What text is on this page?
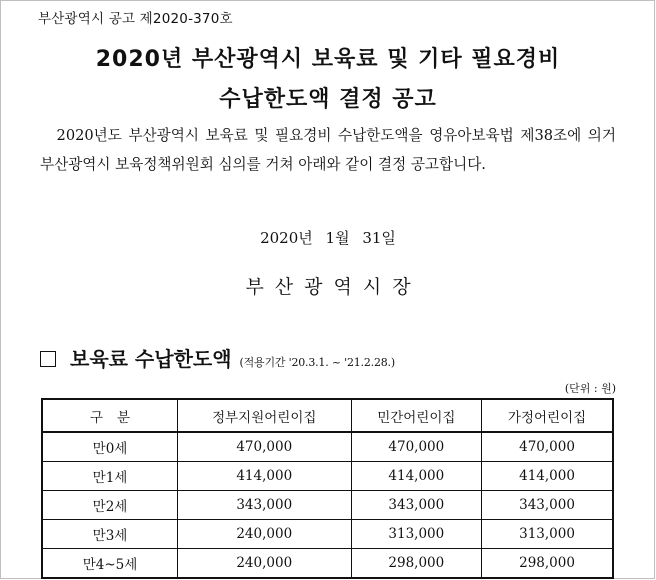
부산광역시 공고 제2020-370호
2020년 부산광역시 보육료 및 기타 필요경비
수납한도액 결정 공고
　2020년도 부산광역시 보육료 및 필요경비 수납한도액을 영유아보육법 제38조에 의거 부산광역시 보육정책위원회 심의를 거쳐 아래와 같이 결정 공고합니다.
2020년 1월 31일
부산광역시장
보육료 수납한도액 (적용기간 '20.3.1. ~ '21.2.28.)
(단위 : 원)
구분	정부지원어린이집	민간어린이집	가정어린이집
만0세	470,000	470,000	470,000
만1세	414,000	414,000	414,000
만2세	343,000	343,000	343,000
만3세	240,000	313,000	313,000
만4~5세	240,000	298,000	298,000
